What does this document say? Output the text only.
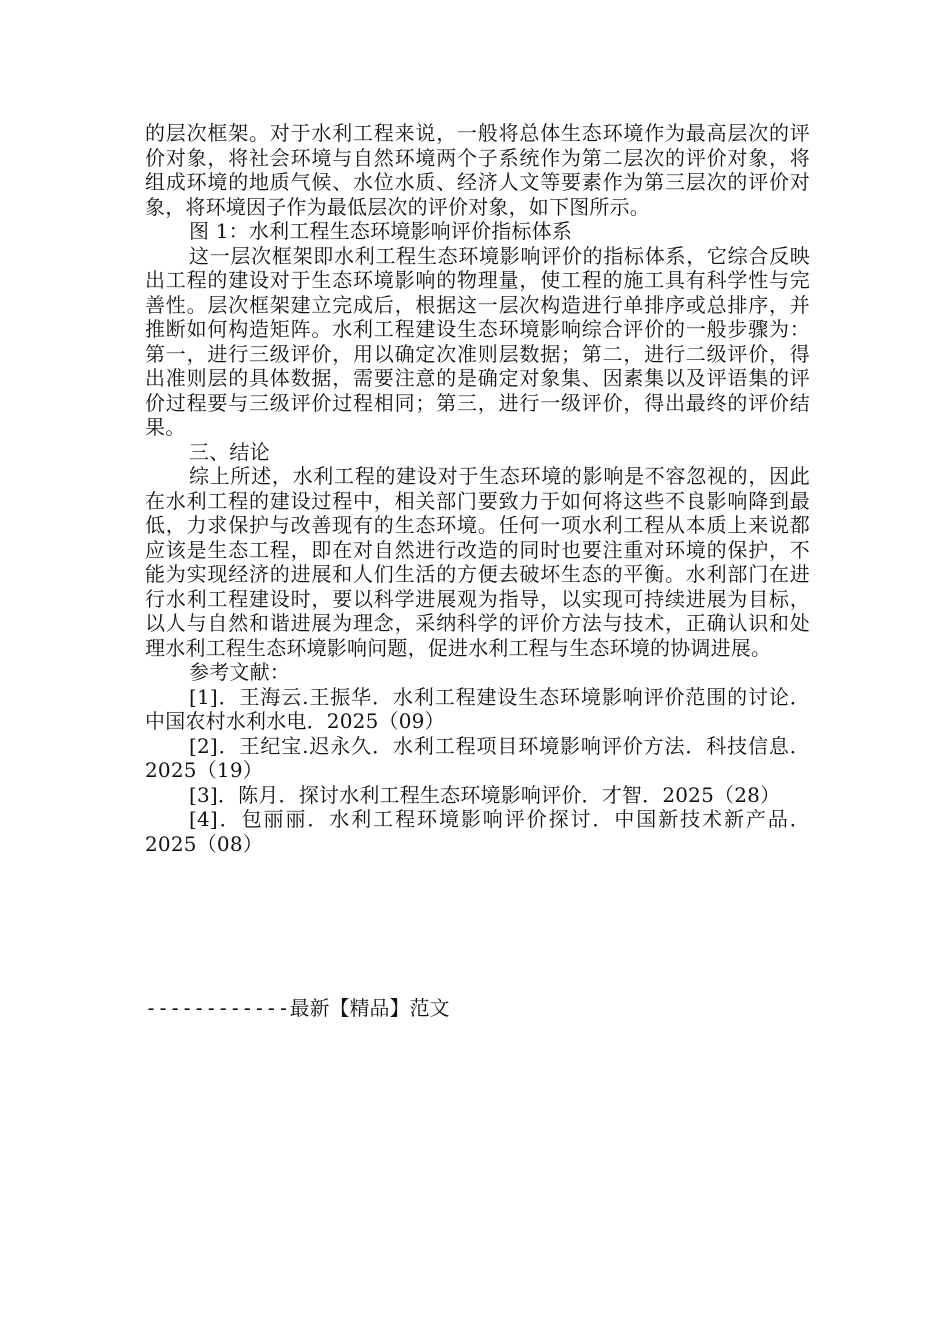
的层次框架。对于水利工程来说，一般将总体生态环境作为最高层次的评价对象，将社会环境与自然环境两个子系统作为第二层次的评价对象，将组成环境的地质气候、水位水质、经济人文等要素作为第三层次的评价对象，将环境因子作为最低层次的评价对象，如下图所示。

图 1：水利工程生态环境影响评价指标体系

这一层次框架即水利工程生态环境影响评价的指标体系，它综合反映出工程的建设对于生态环境影响的物理量，使工程的施工具有科学性与完善性。层次框架建立完成后，根据这一层次构造进行单排序或总排序，并推断如何构造矩阵。水利工程建设生态环境影响综合评价的一般步骤为：第一，进行三级评价，用以确定次准则层数据；第二，进行二级评价，得出准则层的具体数据，需要注意的是确定对象集、因素集以及评语集的评价过程要与三级评价过程相同；第三，进行一级评价，得出最终的评价结果。

三、结论

综上所述，水利工程的建设对于生态环境的影响是不容忽视的，因此在水利工程的建设过程中，相关部门要致力于如何将这些不良影响降到最低，力求保护与改善现有的生态环境。任何一项水利工程从本质上来说都应该是生态工程，即在对自然进行改造的同时也要注重对环境的保护，不能为实现经济的进展和人们生活的方便去破坏生态的平衡。水利部门在进行水利工程建设时，要以科学进展观为指导，以实现可持续进展为目标，以人与自然和谐进展为理念，采纳科学的评价方法与技术，正确认识和处理水利工程生态环境影响问题，促进水利工程与生态环境的协调进展。

参考文献：

[1]．王海云.王振华．水利工程建设生态环境影响评价范围的讨论．中国农村水利水电．2025（09）

[2]．王纪宝.迟永久．水利工程项目环境影响评价方法．科技信息．2025（19）

[3]．陈月．探讨水利工程生态环境影响评价．才智．2025（28）

[4]．包丽丽．水利工程环境影响评价探讨．中国新技术新产品．2025（08）

------------最新【精品】范文
